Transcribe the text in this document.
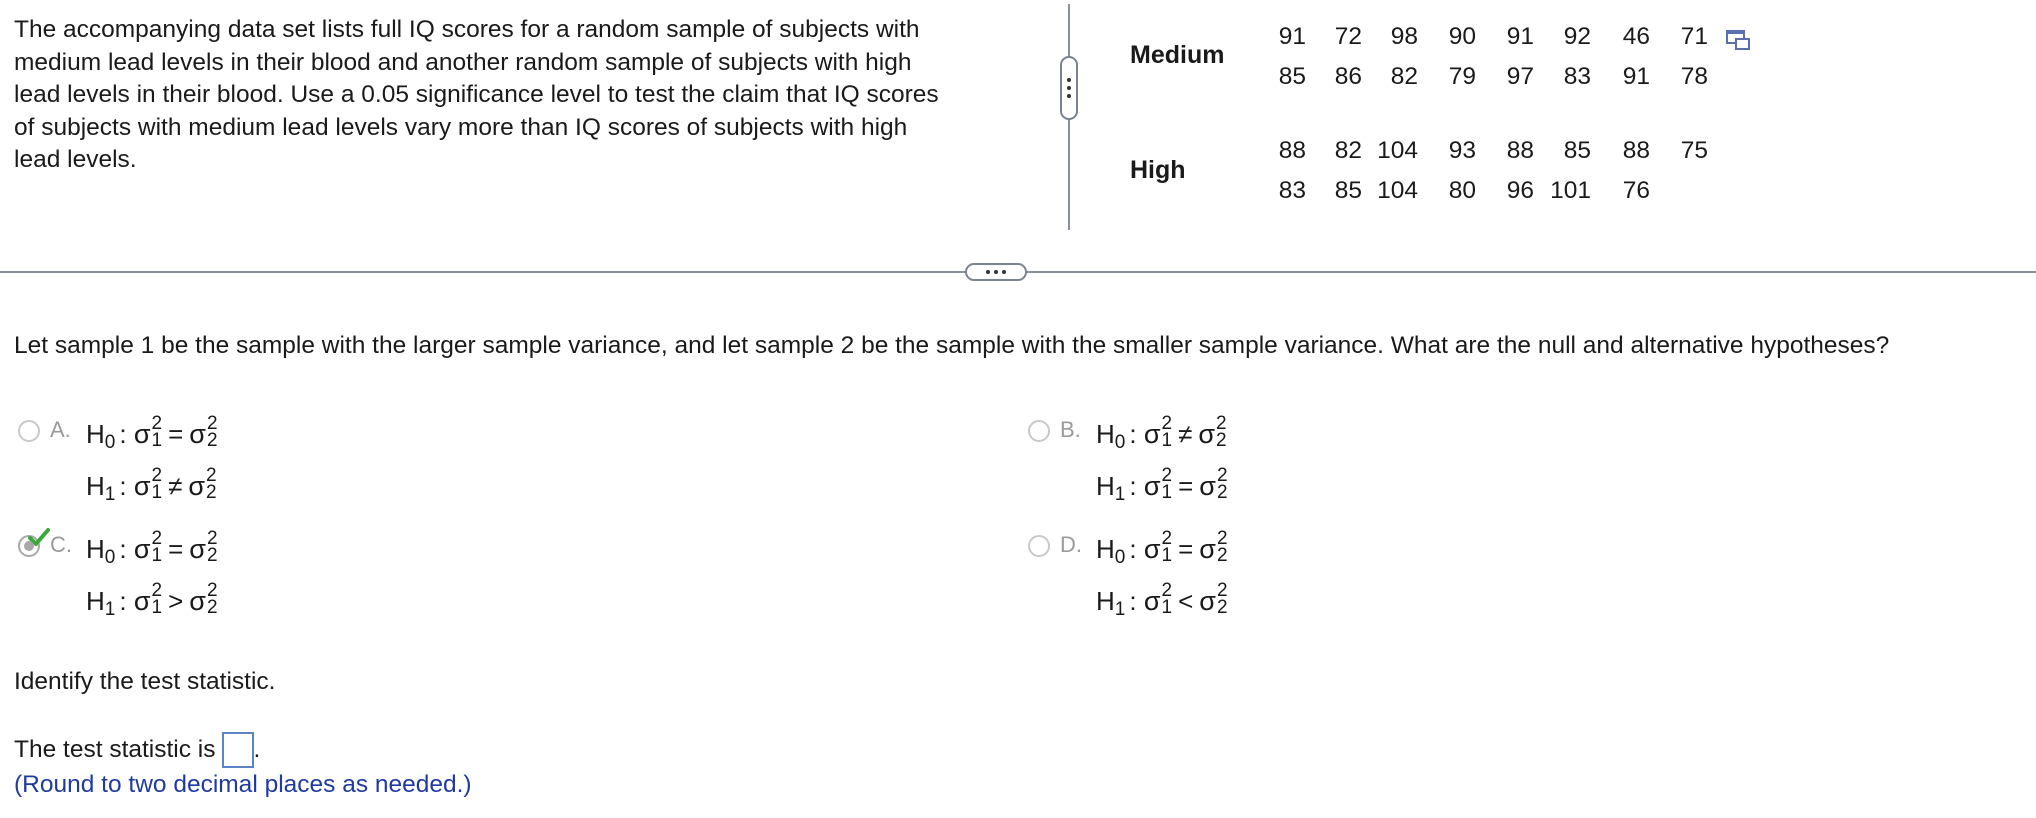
The accompanying data set lists full IQ scores for a random sample of subjects with
medium lead levels in their blood and another random sample of subjects with high
lead levels in their blood. Use a 0.05 significance level to test the claim that IQ scores
of subjects with medium lead levels vary more than IQ scores of subjects with high
lead levels.
Medium
High
91	72	98	90	91	92	46	71
85	86	82	79	97	83	91	78
88	82 104	93	88	85	88	75
83	85 104	80	96 101	76
Let sample 1 be the sample with the larger sample variance, and let sample 2 be the sample with the smaller sample variance. What are the null and alternative hypotheses?
A. H 0 :
σ 2
1 = σ 2
2
H 1 :
σ 2
1 ≠ σ 2
2
B. H 0 :
σ 2
1 ≠ σ 2
2
H 1 :
σ 2
1 = σ 2
2
C. H 0 :
σ 2
1 = σ 2
2
H 1 :
σ 2
1 > σ 2
2
D. H 0 :
σ 2
1 = σ 2
2
H 1 :
σ 2
1 < σ 2
2
Identify the test statistic.
The test statistic is .
(Round to two decimal places as needed.)
